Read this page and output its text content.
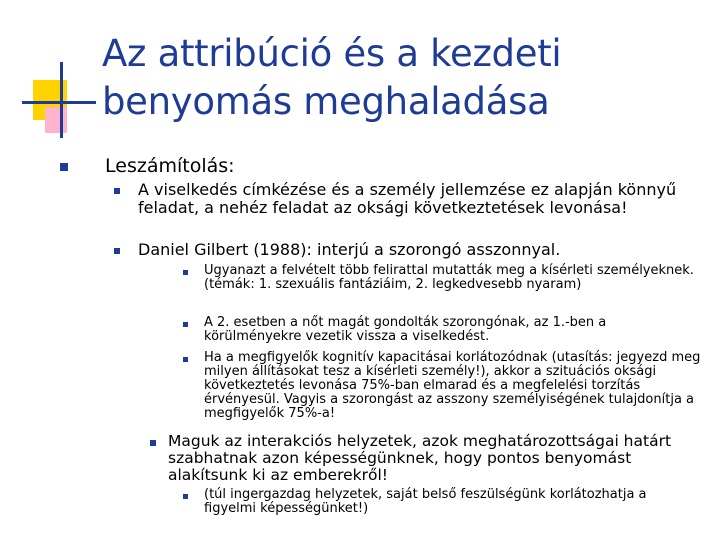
Az attribúció és a kezdeti
benyomás meghaladása
Leszámítolás:
A viselkedés címkézése és a személy jellemzése ez alapján könnyű feladat, a nehéz feladat az oksági következtetések levonása!
Daniel Gilbert (1988): interjú a szorongó asszonnyal.
Ugyanazt a felvételt több felirattal mutatták meg a kísérleti személyeknek. (témák: 1. szexuális fantáziáim, 2. legkedvesebb nyaram)
A 2. esetben a nőt magát gondolták szorongónak, az 1.-ben a körülményekre vezetik vissza a viselkedést.
Ha a megfigyelők kognitív kapacitásai korlátozódnak (utasítás: jegyezd meg milyen állításokat tesz a kísérleti személy!), akkor a szituációs oksági következtetés levonása 75%-ban elmarad és a megfelelési torzítás érvényesül. Vagyis a szorongást az asszony személyiségének tulajdonítja a megfigyelők 75%-a!
Maguk az interakciós helyzetek, azok meghatározottságai határt szabhatnak azon képességünknek, hogy pontos benyomást alakítsunk ki az emberekről!
(túl ingergazdag helyzetek, saját belső feszülségünk korlátozhatja a figyelmi képességünket!)
